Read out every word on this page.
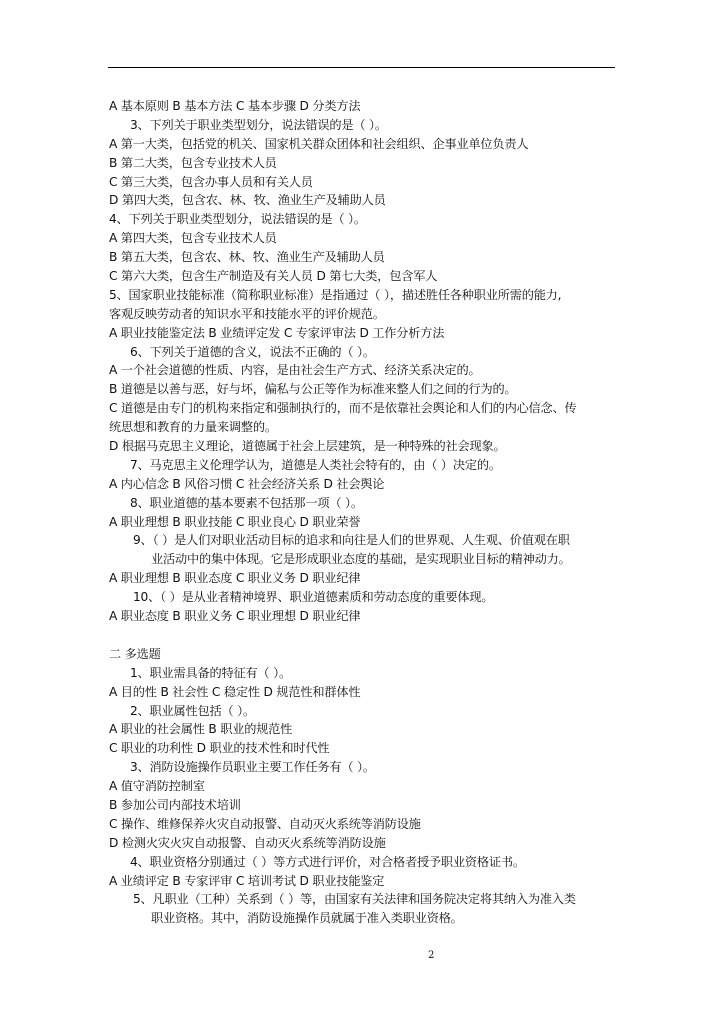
A 基本原则 B 基本方法 C 基本步骤 D 分类方法
3、下列关于职业类型划分，说法错误的是（ ）。
A 第一大类，包括党的机关、国家机关群众团体和社会组织、企事业单位负责人
B 第二大类，包含专业技术人员
C 第三大类，包含办事人员和有关人员
D 第四大类，包含农、林、牧、渔业生产及辅助人员
4、下列关于职业类型划分，说法错误的是（ ）。
A 第四大类，包含专业技术人员
B 第五大类，包含农、林、牧、渔业生产及辅助人员
C 第六大类，包含生产制造及有关人员 D 第七大类，包含军人
5、国家职业技能标准（简称职业标准）是指通过（ ），描述胜任各种职业所需的能力,
客观反映劳动者的知识水平和技能水平的评价规范。
A 职业技能鉴定法 B 业绩评定发 C 专家评审法 D 工作分析方法
6、下列关于道德的含义，说法不正确的（ ）。
A 一个社会道德的性质、内容，是由社会生产方式、经济关系决定的。
B 道德是以善与恶，好与坏，偏私与公正等作为标准来整人们之间的行为的。
C 道德是由专门的机构来指定和强制执行的，而不是依靠社会舆论和人们的内心信念、传
统思想和教育的力量来调整的。
D 根据马克思主义理论，道德属于社会上层建筑，是一种特殊的社会现象。
7、马克思主义伦理学认为，道德是人类社会特有的，由（ ）决定的。
A 内心信念 B 风俗习惯 C 社会经济关系 D 社会舆论
8、职业道德的基本要素不包括那一项（ ）。
A 职业理想 B 职业技能 C 职业良心 D 职业荣誉
9、（ ）是人们对职业活动目标的追求和向往是人们的世界观、人生观、价值观在职
业活动中的集中体现。它是形成职业态度的基础，是实现职业目标的精神动力。
A 职业理想 B 职业态度 C 职业义务 D 职业纪律
10、（ ）是从业者精神境界、职业道德素质和劳动态度的重要体现。
A 职业态度 B 职业义务 C 职业理想 D 职业纪律
二 多选题
1、职业需具备的特征有（ ）。
A 目的性 B 社会性 C 稳定性 D 规范性和群体性
2、职业属性包括（ ）。
A 职业的社会属性 B 职业的规范性
C 职业的功利性 D 职业的技术性和时代性
3、消防设施操作员职业主要工作任务有（ ）。
A 值守消防控制室
B 参加公司内部技术培训
C 操作、维修保养火灾自动报警、自动灭火系统等消防设施
D 检测火灾火灾自动报警、自动灭火系统等消防设施
4、职业资格分别通过（ ）等方式进行评价，对合格者授予职业资格证书。
A 业绩评定 B 专家评审 C 培训考试 D 职业技能鉴定
5、凡职业（工种）关系到（ ）等，由国家有关法律和国务院决定将其纳入为准入类
职业资格。其中，消防设施操作员就属于准入类职业资格。
2
